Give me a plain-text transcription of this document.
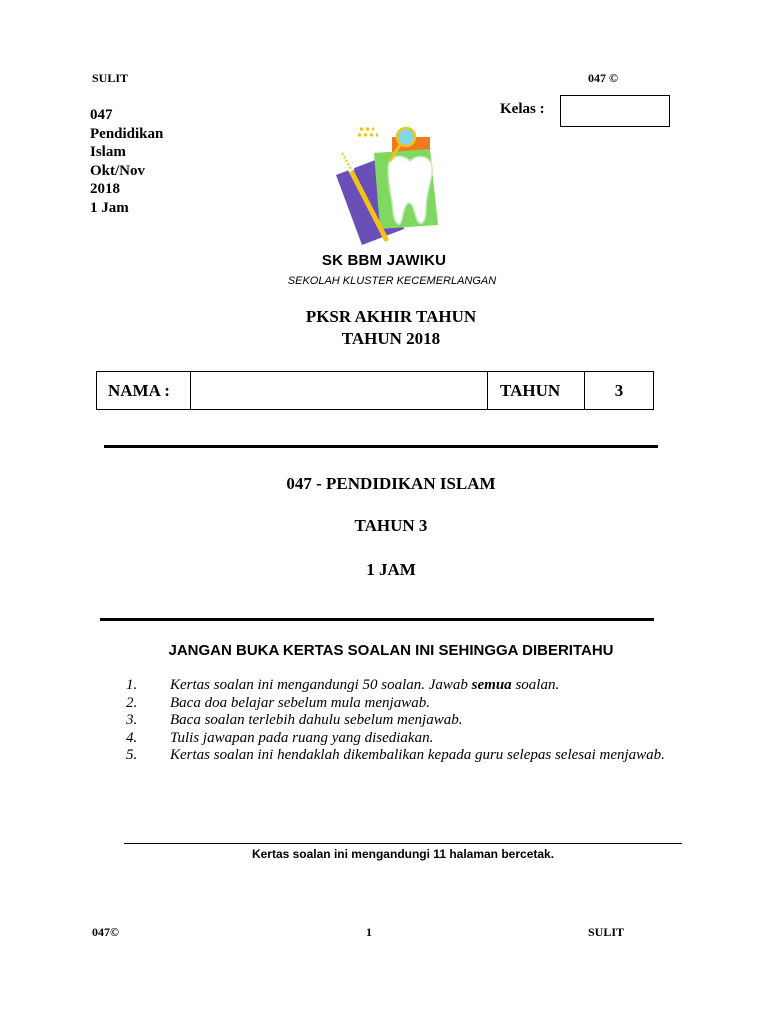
SULIT	047 ©
047
Pendidikan
Islam
Okt/Nov
2018
1 Jam
Kelas :
SK BBM JAWIKU
SEKOLAH KLUSTER KECEMERLANGAN
PKSR AKHIR TAHUN
TAHUN 2018
NAMA :	TAHUN	3
047 - PENDIDIKAN ISLAM
TAHUN 3
1 JAM
JANGAN BUKA KERTAS SOALAN INI SEHINGGA DIBERITAHU
1.	Kertas soalan ini mengandungi 50 soalan. Jawab semua soalan.
2.	Baca doa belajar sebelum mula menjawab.
3.	Baca soalan terlebih dahulu sebelum menjawab.
4.	Tulis jawapan pada ruang yang disediakan.
5.	Kertas soalan ini hendaklah dikembalikan kepada guru selepas selesai menjawab.
Kertas soalan ini mengandungi 11 halaman bercetak.
047©	1	SULIT
